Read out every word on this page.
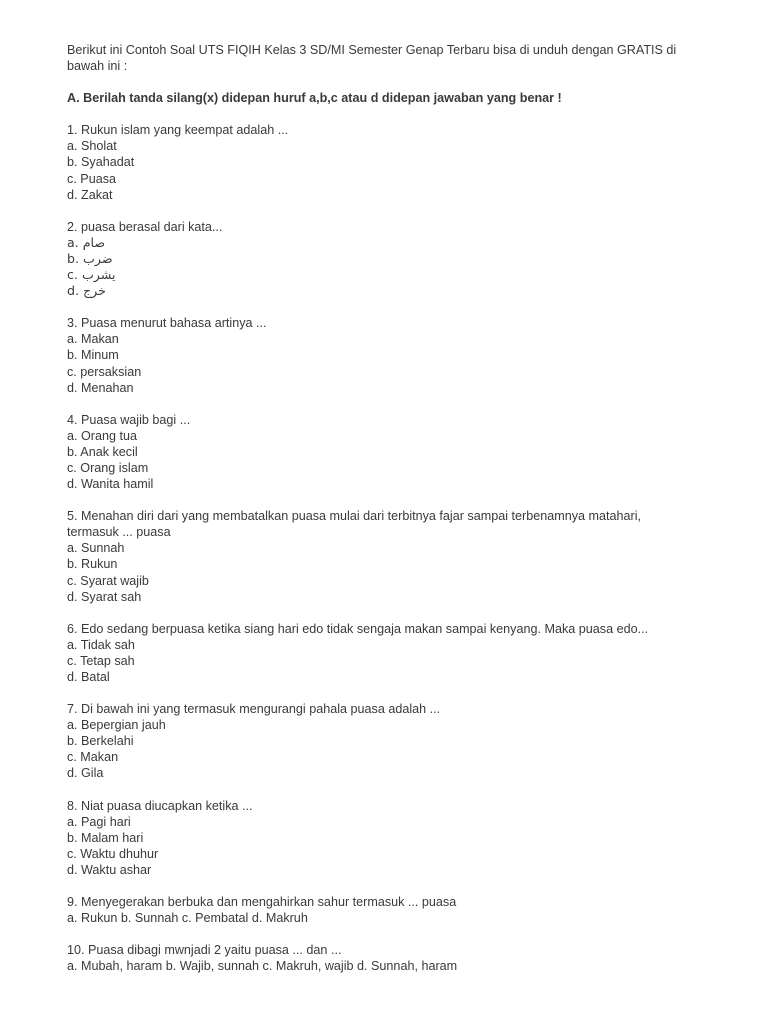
Berikut ini Contoh Soal UTS FIQIH Kelas 3 SD/MI Semester Genap Terbaru bisa di unduh dengan GRATIS di
bawah ini :

A. Berilah tanda silang(x) didepan huruf a,b,c atau d didepan jawaban yang benar !

1. Rukun islam yang keempat adalah ...
a. Sholat
b. Syahadat
c. Puasa
d. Zakat
2. puasa berasal dari kata...
a. صام
b. ضرب
c. يشرب
d. خرج
3. Puasa menurut bahasa artinya ...
a. Makan
b. Minum
c. persaksian
d. Menahan
4. Puasa wajib bagi ...
a. Orang tua
b. Anak kecil
c. Orang islam
d. Wanita hamil
5. Menahan diri dari yang membatalkan puasa mulai dari terbitnya fajar sampai terbenamnya matahari,
termasuk ... puasa
a. Sunnah
b. Rukun
c. Syarat wajib
d. Syarat sah
6. Edo sedang berpuasa ketika siang hari edo tidak sengaja makan sampai kenyang. Maka puasa edo...
a. Tidak sah
c. Tetap sah
d. Batal
7. Di bawah ini yang termasuk mengurangi pahala puasa adalah ...
a. Bepergian jauh
b. Berkelahi
c. Makan
d. Gila
8. Niat puasa diucapkan ketika ...
a. Pagi hari
b. Malam hari
c. Waktu dhuhur
d. Waktu ashar
9. Menyegerakan berbuka dan mengahirkan sahur termasuk ... puasa
a. Rukun b. Sunnah c. Pembatal d. Makruh
10. Puasa dibagi mwnjadi 2 yaitu puasa ... dan ...
a. Mubah, haram b. Wajib, sunnah c. Makruh, wajib d. Sunnah, haram
